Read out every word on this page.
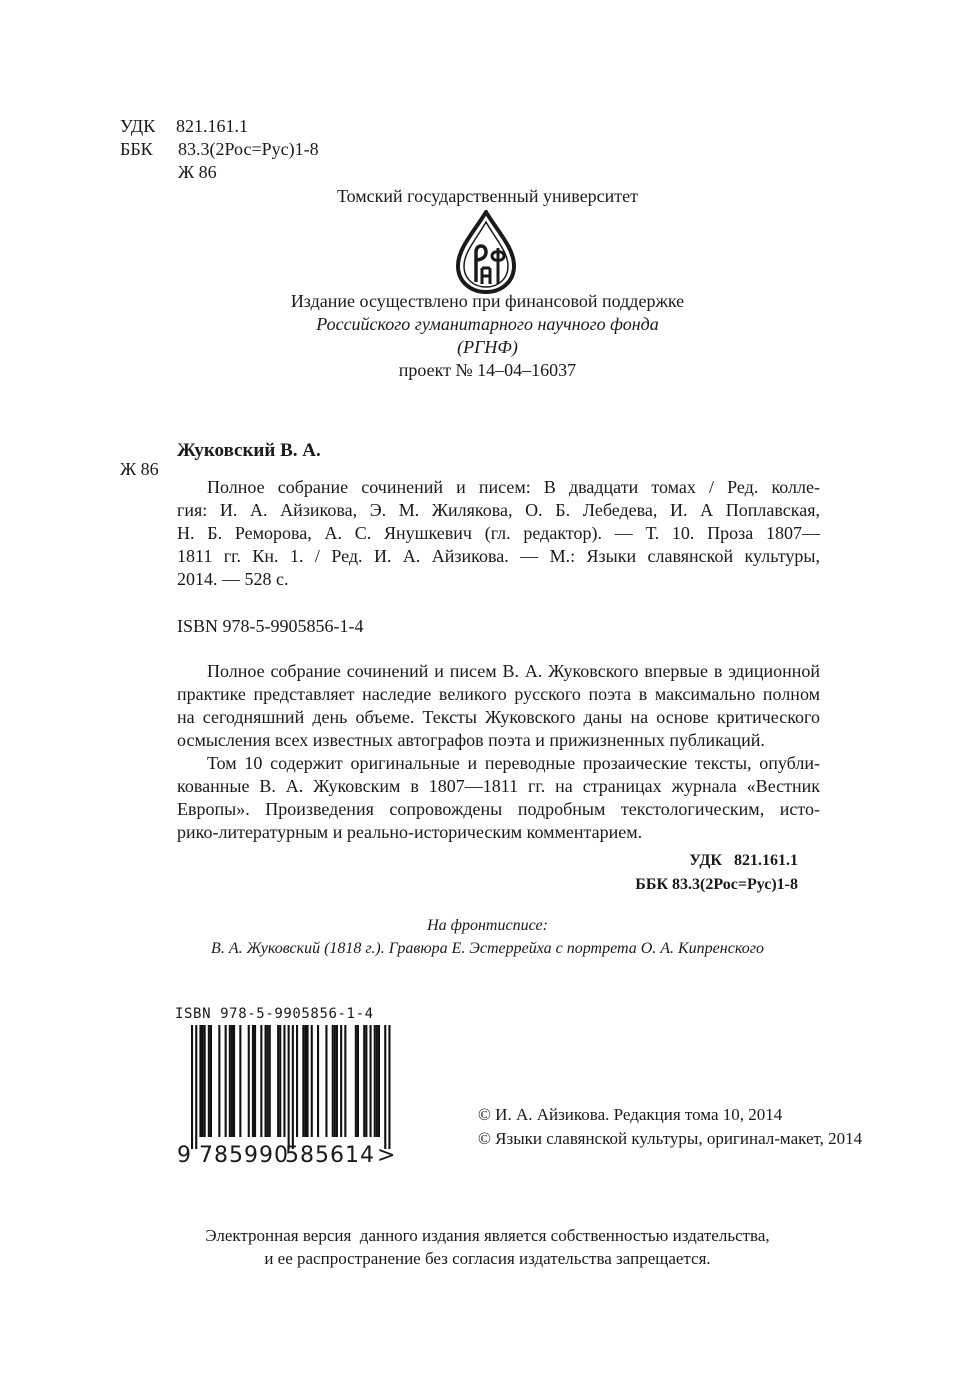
УДК 821.161.1
ББК 83.3(2Рос=Рус)1-8
Ж 86
Томский государственный университет
Издание осуществлено при финансовой поддержке
Российского гуманитарного научного фонда
(РГНФ)
проект № 14–04–16037
Жуковский В. А.
Ж 86
Полное собрание сочинений и писем: В двадцати томах / Ред. колле-
гия: И. А. Айзикова, Э. М. Жилякова, О. Б. Лебедева, И. А Поплавская,
Н. Б. Реморова, А. С. Янушкевич (гл. редактор). — Т. 10. Проза 1807—
1811 гг. Кн. 1. / Ред. И. А. Айзикова. — М.: Языки славянской культуры,
2014. — 528 с.
ISBN 978-5-9905856-1-4
Полное собрание сочинений и писем В. А. Жуковского впервые в эдиционной
практике представляет наследие великого русского поэта в максимально полном
на сегодняшний день объеме. Тексты Жуковского даны на основе критического
осмысления всех известных автографов поэта и прижизненных публикаций.
Том 10 содержит оригинальные и переводные прозаические тексты, опубли-
кованные В. А. Жуковским в 1807—1811 гг. на страницах журнала «Вестник
Европы». Произведения сопровождены подробным текстологическим, исто-
рико-литературным и реально-историческим комментарием.
УДК   821.161.1
ББК 83.3(2Рос=Рус)1-8
На фронтисписе:
В. А. Жуковский (1818 г.). Гравюра Е. Эстеррейха с портрета О. А. Кипренского
ISBN 978-5-9905856-1-4
9 785990
585614 >
© И. А. Айзикова. Редакция тома 10, 2014
© Языки славянской культуры, оригинал-макет, 2014
Электронная версия  данного издания является собственностью издательства,
и ее распространение без согласия издательства запрещается.
